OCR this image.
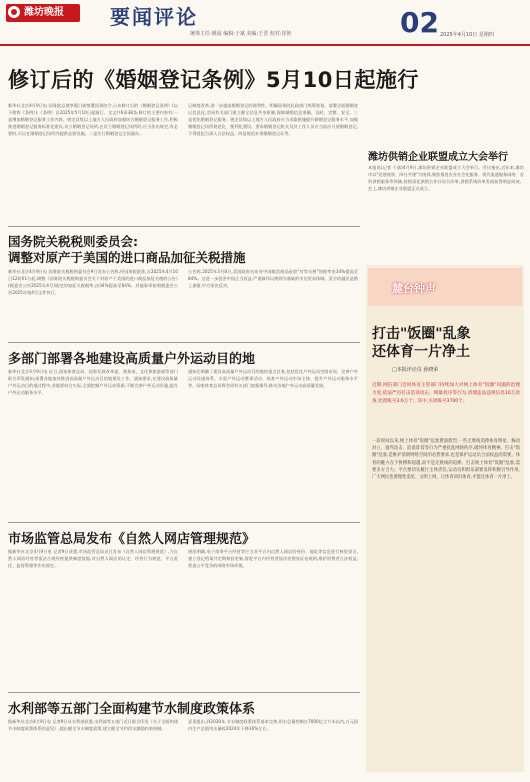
潍坊晚报	要闻评论
统筹主任:姚晨 编辑:于斌 美编:王晋 校对:崔艳	02 2025年4月10日 星期四
修订后的《婚姻登记条例》5月10日起施行
新华社北京4月9日电 国务院总理李强日前签署国务院令,公布修订后的《婚姻登记条例》(以下简称《条例》),《条例》自2025年5月10日起施行。全文共6章38条,修订的主要内容有:一是增加婚姻登记服务工作内容。规定县级以上地方人民政府加强结合婚姻登记服务工作,积极推进婚姻登记服务标准化建设,设立婚姻登记场所,在设立婚姻登记场所时,应当作出规定,有必要时,可以在婚姻登记场所内提供必要设施。二是实行婚姻登记全国通办。
记制度改革,进一步提高婚姻登记的便利性。明确国务院民政部门统筹规划、部署全面婚姻登记信息化,会同有关部门建立健全信息共享机制,保障婚姻信息准确、及时、完整、安全。三是优化婚姻登记服务。规定县级以上地方人民政府应当采取措施提升婚姻登记服务水平,加强婚姻登记场所规范化、便利化建设。要求婚姻登记机关及其工作人员应当依法开展婚姻登记,不得侵犯当事人合法权益。四是规范补领婚姻登记证等。
潍坊供销企业联盟成立大会举行
本报讯(记者 于斌)4月9日,潍坊供销企业联盟成立大会举行。会议指出,近年来,潍坊市以"党建统领、四社共建"为统领,聚焦推进农业社会化服务、现代流通服务网络、农资供销服务等领域,持续深化供销合作社综合改革,供销系统改革发展取得明显成效。会上,潍坊供销企业联盟正式成立。
国务院关税税则委员会:
调整对原产于美国的进口商品加征关税措施
新华社北京4月9日电 国务院关税税则委员会9日发布公告称,经国务院批准,自2025年4月10日12时01分起,调整《国务院关税税则委员会关于对原产于美国的进口商品加征关税的公告》(税委会公告2025年4号)规定的加征关税税率,由34%提高至84%。其他事项按照税委会公告2025年第4号文件执行。
公告称,2025年3月8日,美国政府宣布对中国输美商品征收"对等关税"的税率由34%提高至84%。这进一步侵害中国正当权益,严重破坏以规则为基础的多边贸易体制。美方的做法是错上加错,中方坚决反对。
多部门部署各地建设高质量户外运动目的地
新华社北京4月9日电 近日,国家体育总局、国家发展改革委、商务部、文化和旅游部等部门联合印发通知,部署各地加快推进高质量户外运动目的地建设工作。通知要求,在建设高质量户外运动目的地过程中,各地要结合实际,全面挖掘户外运动资源,不断完善户外运动设施,提升户外运动服务水平。
通知还明确了建设高质量户外运动目的地的重点任务,包括优化户外运动空间布局、完善户外运动设施体系、丰富户外运动赛事活动、培育户外运动市场主体、提升户外运动服务水平等。国家体育总局将会同有关部门加强指导,推动各地户外运动高质量发展。
市场监管总局发布《自然人网店管理规范》
据新华社北京4月9日电 记者9日获悉,市场监管总局近日发布《自然人网店管理规范》,为自然人网店经营者依法合规经营提供制度依据,对自然人网店的认定、经营行为规范、平台责任、监督管理等作出规定。
规范明确,电子商务平台经营者应当对平台内自然人网店的身份、地址等信息进行核验登记,建立登记档案并定期核验更新,督促平台内经营者依法亮照亮证亮规则,维护消费者合法权益,营造公平竞争的网络市场环境。
水利部等五部门全面构建节水制度政策体系
据新华社北京4月9日电 记者9日从水利部获悉,水利部等五部门近日联合印发《关于全面构建节水制度政策体系的意见》,提出健全节水制度政策,建立健全节约用水激励约束机制。
意见提出,到2030年,节水制度政策体系基本完善,用水总量控制在7000亿立方米以内,万元国内生产总值用水量较2024年下降16%左右。
麓台钟声
打击"饭圈"乱象
还体育一片净土
□本报评论员 孙晓荣
近期,网信部门会同体育主管部门持续加大对网上体育"饭圈"问题的治理力度,依法严厉打击造谣攻击、网暴扰序等行为,清理违法违规信息10万余条,处置账号3.6万个。其中,关闭账号3700个。
一段时间以来,网上体育"饭圈"乱象愈演愈烈,一些无底线追捧体育明星、煽动对立、谩骂攻击、造谣诽谤等行为严重扰乱网络秩序,破坏体育精神。打击"饭圈"乱象,是维护清朗网络空间的必然要求,也是保护运动员合法权益的需要。体育的魅力在于拼搏和超越,而不是无底线的追捧。打击网上体育"饭圈"乱象,需要多方合力。平台要切实履行主体责任,运动员和俱乐部要发挥积极引导作用,广大网民也要理性追星、文明上网。让体育回归体育,才能还体育一片净土。
